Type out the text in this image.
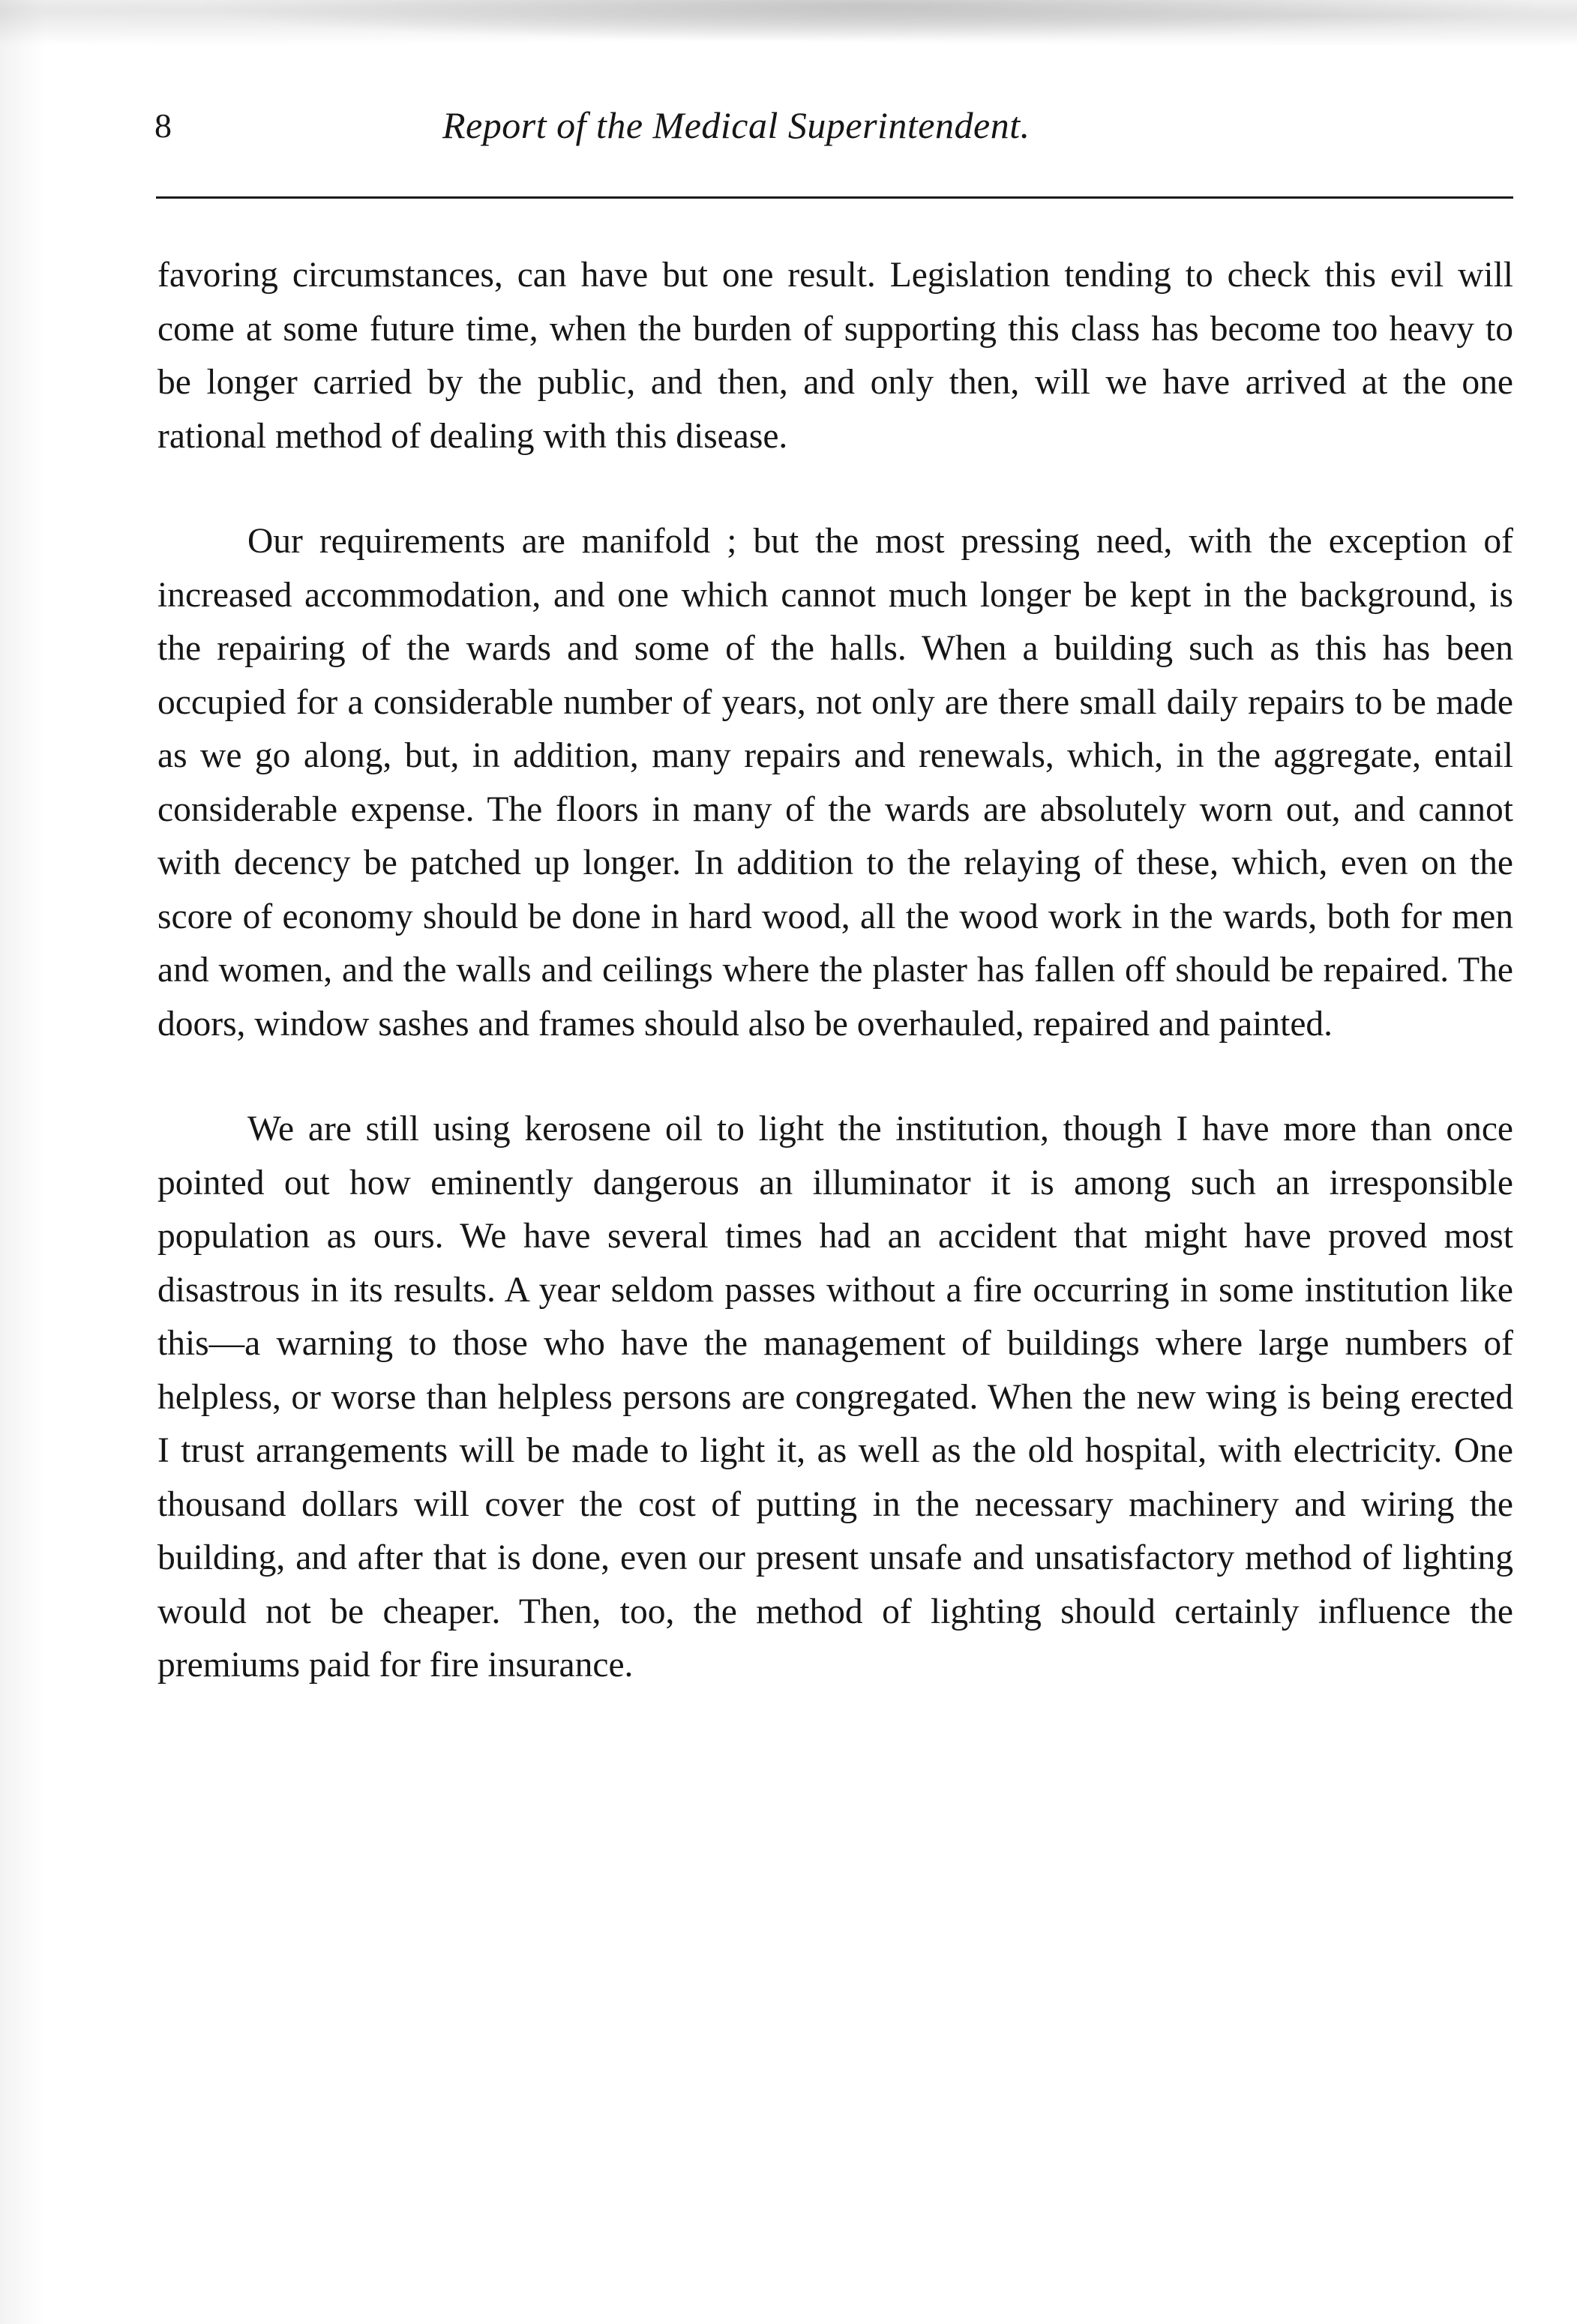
8	Report of the Medical Superintendent.

favoring circumstances, can have but one result. Legislation tending to check this evil will come at some future time, when the burden of supporting this class has become too heavy to be longer carried by the public, and then, and only then, will we have arrived at the one rational method of dealing with this disease.

Our requirements are manifold ; but the most pressing need, with the exception of increased accommodation, and one which cannot much longer be kept in the background, is the repairing of the wards and some of the halls. When a building such as this has been occupied for a considerable number of years, not only are there small daily repairs to be made as we go along, but, in addition, many repairs and renewals, which, in the aggregate, entail considerable expense. The floors in many of the wards are absolutely worn out, and cannot with decency be patched up longer. In addition to the relaying of these, which, even on the score of economy should be done in hard wood, all the wood work in the wards, both for men and women, and the walls and ceilings where the plaster has fallen off should be repaired. The doors, window sashes and frames should also be overhauled, repaired and painted.

We are still using kerosene oil to light the institution, though I have more than once pointed out how eminently dangerous an illuminator it is among such an irresponsible population as ours. We have several times had an accident that might have proved most disastrous in its results. A year seldom passes without a fire occurring in some institution like this—a warning to those who have the management of buildings where large numbers of helpless, or worse than helpless persons are congregated. When the new wing is being erected I trust arrangements will be made to light it, as well as the old hospital, with electricity. One thousand dollars will cover the cost of putting in the necessary machinery and wiring the building, and after that is done, even our present unsafe and unsatisfactory method of lighting would not be cheaper. Then, too, the method of lighting should certainly influence the premiums paid for fire insurance.
